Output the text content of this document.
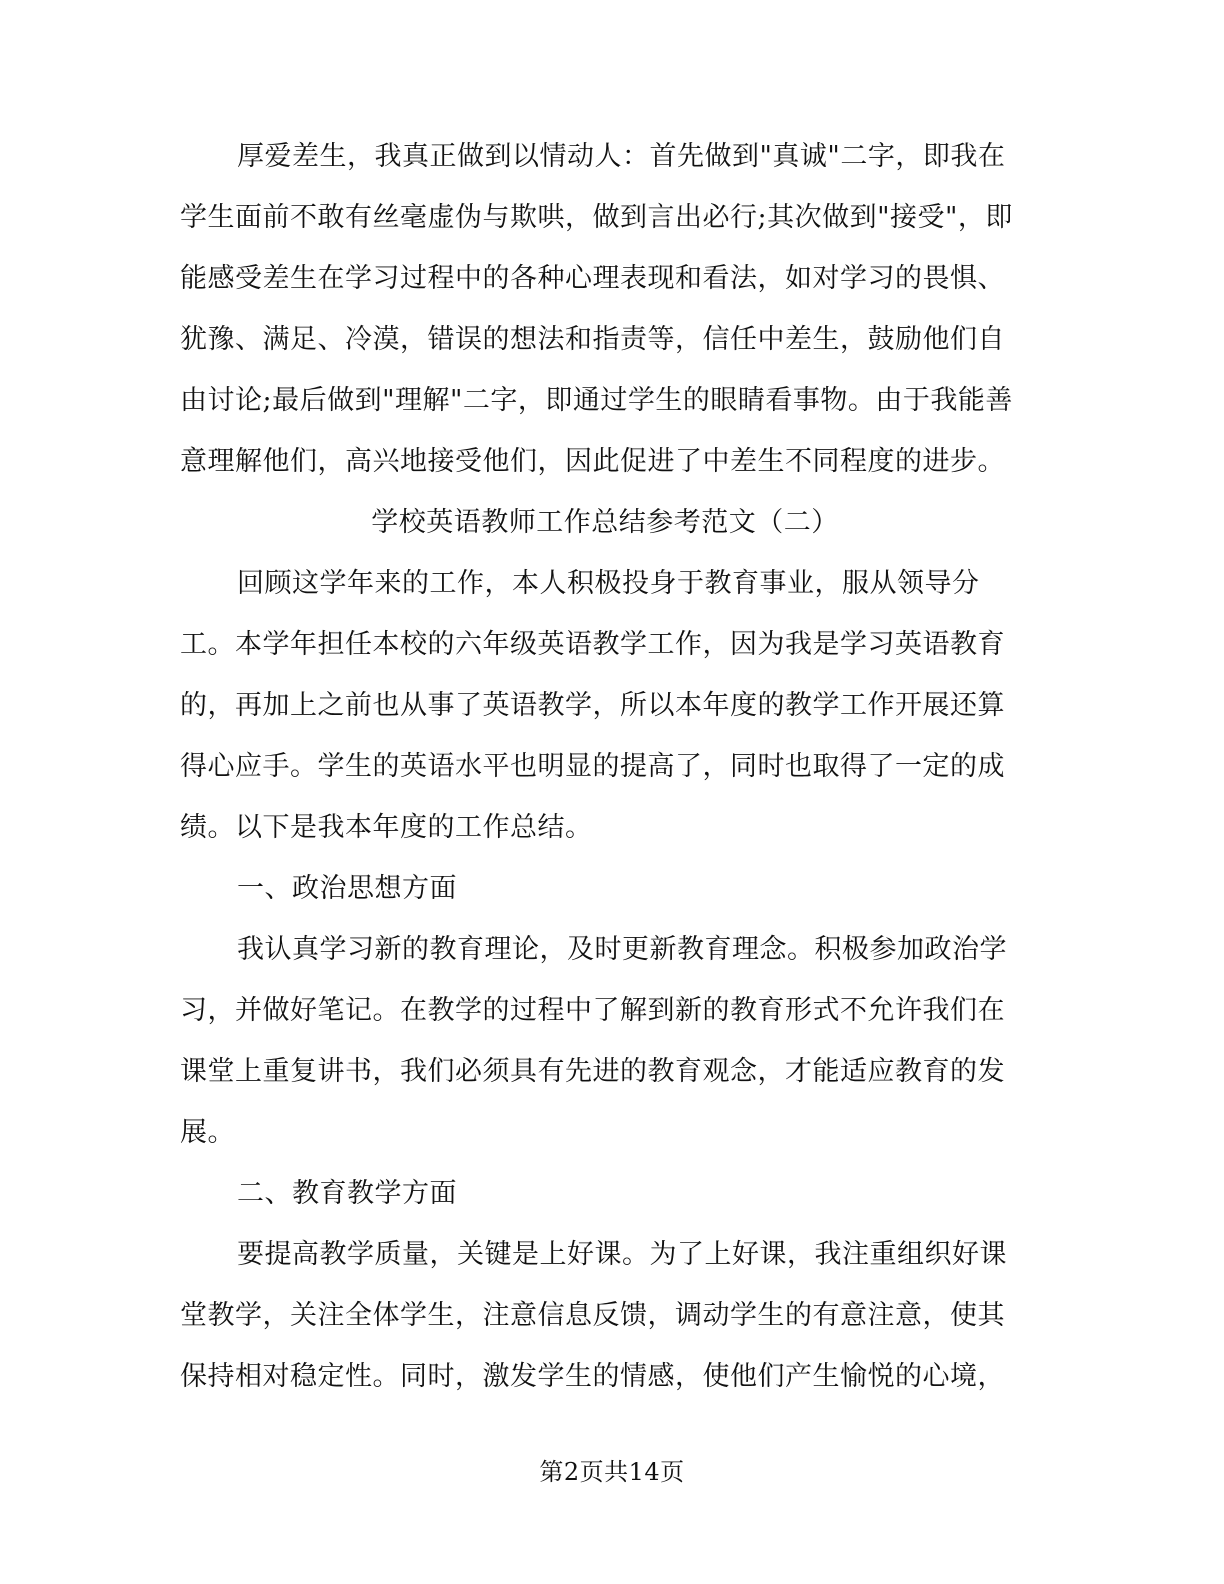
厚爱差生，我真正做到以情动人：首先做到"真诚"二字，即我在
学生面前不敢有丝毫虚伪与欺哄，做到言出必行;其次做到"接受"，即
能感受差生在学习过程中的各种心理表现和看法，如对学习的畏惧、
犹豫、满足、冷漠，错误的想法和指责等，信任中差生，鼓励他们自
由讨论;最后做到"理解"二字，即通过学生的眼睛看事物。由于我能善
意理解他们，高兴地接受他们，因此促进了中差生不同程度的进步。
学校英语教师工作总结参考范文（二）
回顾这学年来的工作，本人积极投身于教育事业，服从领导分
工。本学年担任本校的六年级英语教学工作，因为我是学习英语教育
的，再加上之前也从事了英语教学，所以本年度的教学工作开展还算
得心应手。学生的英语水平也明显的提高了，同时也取得了一定的成
绩。以下是我本年度的工作总结。
一、政治思想方面
我认真学习新的教育理论，及时更新教育理念。积极参加政治学
习，并做好笔记。在教学的过程中了解到新的教育形式不允许我们在
课堂上重复讲书，我们必须具有先进的教育观念，才能适应教育的发
展。
二、教育教学方面
要提高教学质量，关键是上好课。为了上好课，我注重组织好课
堂教学，关注全体学生，注意信息反馈，调动学生的有意注意，使其
保持相对稳定性。同时，激发学生的情感，使他们产生愉悦的心境，
第2页共14页
